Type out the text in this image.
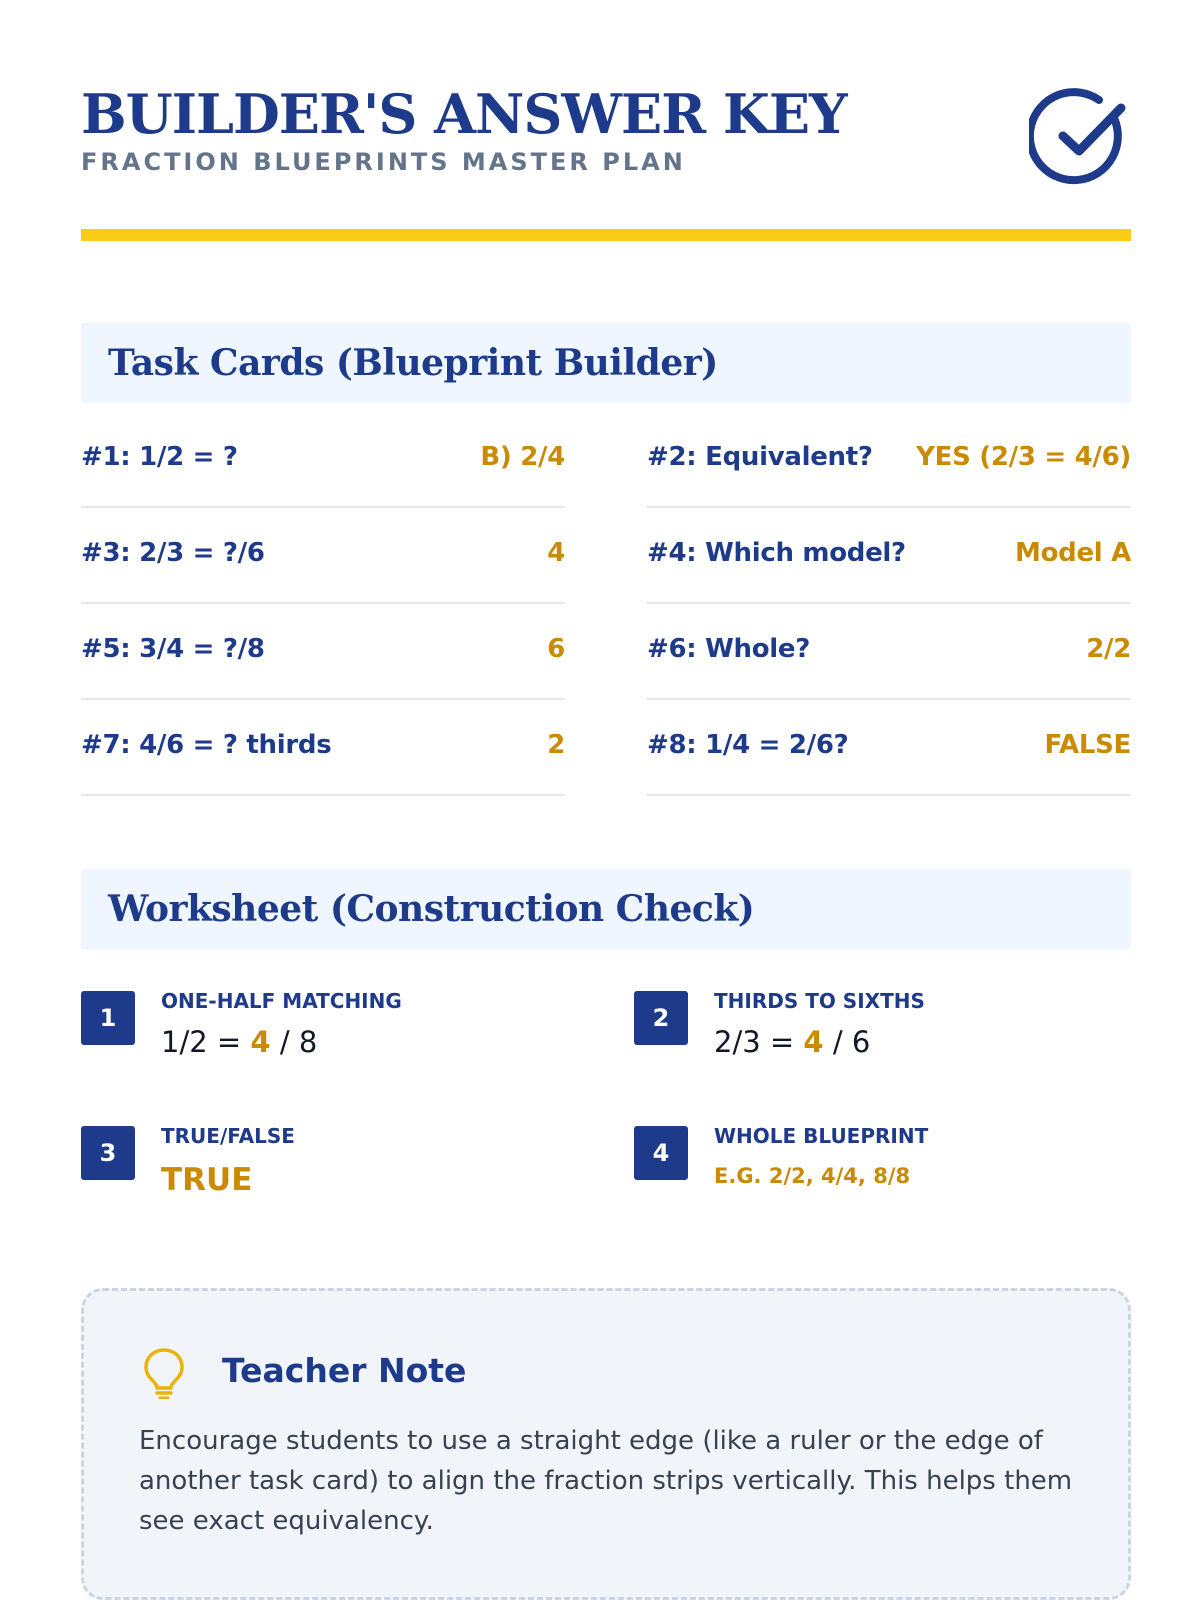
BUILDER'S ANSWER KEY
FRACTION BLUEPRINTS MASTER PLAN
Task Cards (Blueprint Builder)
#1: 1/2 = ?	B) 2/4	#2: Equivalent? YES (2/3 = 4/6)
#3: 2/3 = ?/6	4	#4: Which model?	Model A
#5: 3/4 = ?/8	6	#6: Whole?	2/2
#7: 4/6 = ? thirds	2	#8: 1/4 = 2/6?	FALSE
Worksheet (Construction Check)
1
ONE-HALF MATCHING
1/2 = 4 / 8
2
THIRDS TO SIXTHS
2/3 = 4 / 6
3
TRUE/FALSE
TRUE
4
WHOLE BLUEPRINT
E.G. 2/2, 4/4, 8/8
Teacher Note
Encourage students to use a straight edge (like a ruler or the edge of another task card) to align the fraction strips vertically. This helps them see exact equivalency.
